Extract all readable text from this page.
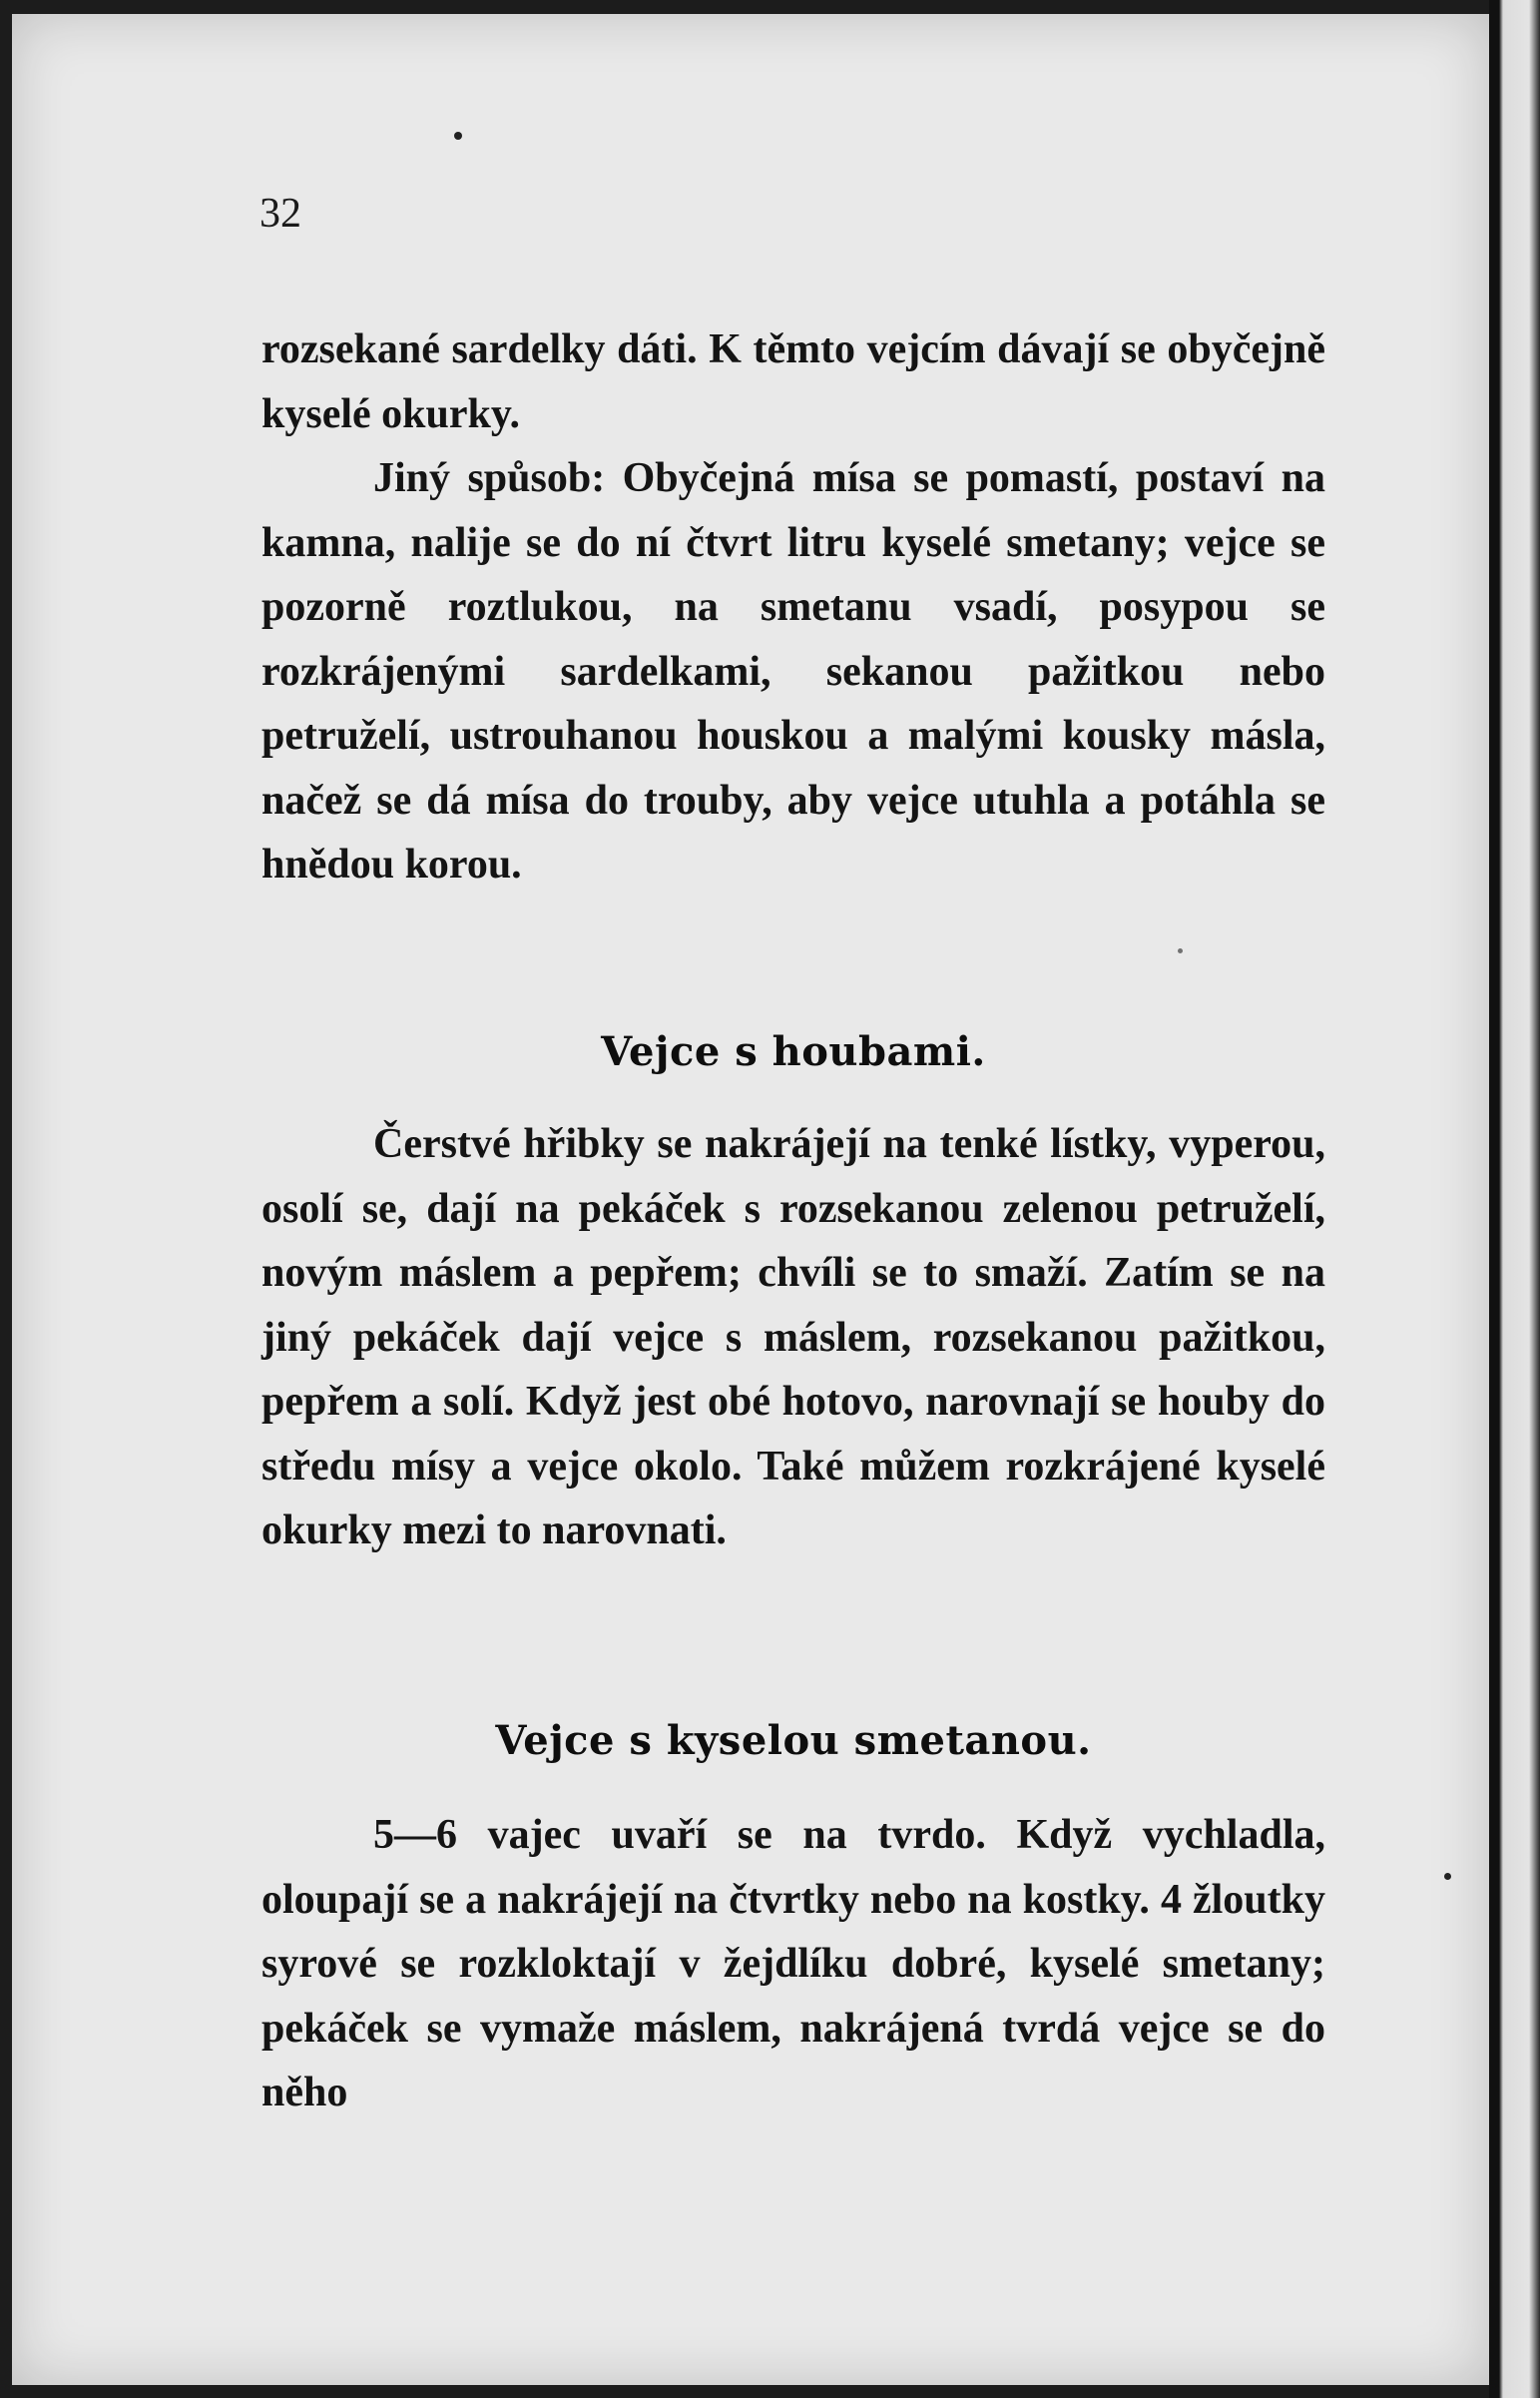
32

rozsekané sardelky dáti. K těmto vejcím dávají se obyčejně kyselé okurky.

Jiný spůsob: Obyčejná mísa se pomastí, postaví na kamna, nalije se do ní čtvrt litru kyselé smetany; vejce se pozorně roztlukou, na smetanu vsadí, posypou se rozkrájenými sardelkami, sekanou pažitkou nebo petruželí, ustrouhanou houskou a malými kousky másla, načež se dá mísa do trouby, aby vejce utuhla a potáhla se hnědou korou.

Vejce s houbami.

Čerstvé hřibky se nakrájejí na tenké lístky, vyperou, osolí se, dají na pekáček s rozsekanou zelenou petruželí, novým máslem a pepřem; chvíli se to smaží. Zatím se na jiný pekáček dají vejce s máslem, rozsekanou pažitkou, pepřem a solí. Když jest obé hotovo, narovnají se houby do středu mísy a vejce okolo. Také můžem rozkrájené kyselé okurky mezi to narovnati.

Vejce s kyselou smetanou.

5—6 vajec uvaří se na tvrdo. Když vychladla, oloupají se a nakrájejí na čtvrtky nebo na kostky. 4 žloutky syrové se rozkloktají v žejdlíku dobré, kyselé smetany; pekáček se vymaže máslem, nakrájená tvrdá vejce se do něho
